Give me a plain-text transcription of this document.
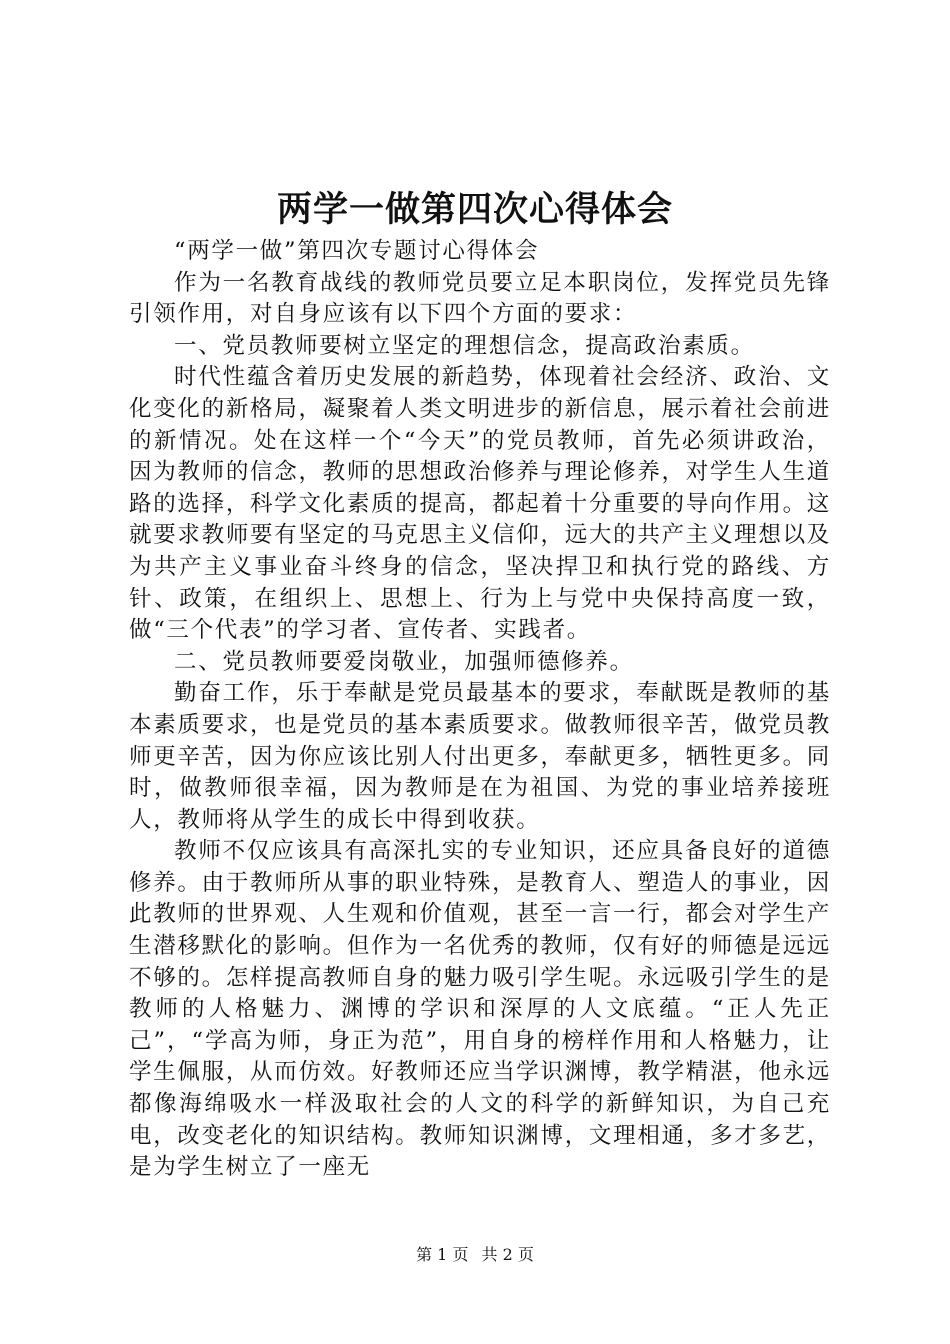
两学一做第四次心得体会

“两学一做”第四次专题讨心得体会

作为一名教育战线的教师党员要立足本职岗位，发挥党员先锋引领作用，对自身应该有以下四个方面的要求：

一、党员教师要树立坚定的理想信念，提高政治素质。

时代性蕴含着历史发展的新趋势，体现着社会经济、政治、文化变化的新格局，凝聚着人类文明进步的新信息，展示着社会前进的新情况。处在这样一个“今天”的党员教师，首先必须讲政治，因为教师的信念，教师的思想政治修养与理论修养，对学生人生道路的选择，科学文化素质的提高，都起着十分重要的导向作用。这就要求教师要有坚定的马克思主义信仰，远大的共产主义理想以及为共产主义事业奋斗终身的信念，坚决捍卫和执行党的路线、方针、政策，在组织上、思想上、行为上与党中央保持高度一致，做“三个代表”的学习者、宣传者、实践者。

二、党员教师要爱岗敬业，加强师德修养。

勤奋工作，乐于奉献是党员最基本的要求，奉献既是教师的基本素质要求，也是党员的基本素质要求。做教师很辛苦，做党员教师更辛苦，因为你应该比别人付出更多，奉献更多，牺牲更多。同时，做教师很幸福，因为教师是在为祖国、为党的事业培养接班人，教师将从学生的成长中得到收获。

教师不仅应该具有高深扎实的专业知识，还应具备良好的道德修养。由于教师所从事的职业特殊，是教育人、塑造人的事业，因此教师的世界观、人生观和价值观，甚至一言一行，都会对学生产生潜移默化的影响。但作为一名优秀的教师，仅有好的师德是远远不够的。怎样提高教师自身的魅力吸引学生呢。永远吸引学生的是教师的人格魅力、渊博的学识和深厚的人文底蕴。“正人先正己”，“学高为师，身正为范”，用自身的榜样作用和人格魅力，让学生佩服，从而仿效。好教师还应当学识渊博，教学精湛，他永远都像海绵吸水一样汲取社会的人文的科学的新鲜知识，为自己充电，改变老化的知识结构。教师知识渊博，文理相通，多才多艺，是为学生树立了一座无

第 1 页 共 2 页
